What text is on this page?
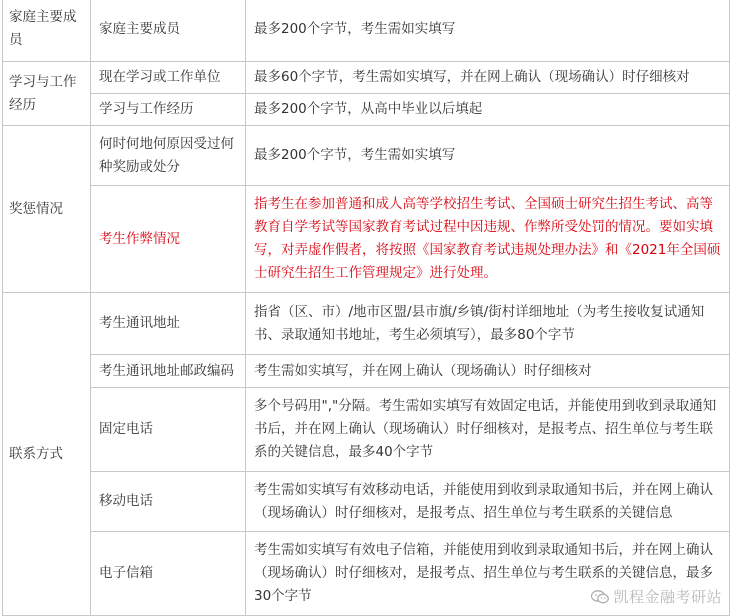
家庭主要成员	家庭主要成员	最多200个字节，考生需如实填写
学习与工作经历	现在学习或工作单位	最多60个字节，考生需如实填写，并在网上确认（现场确认）时仔细核对
	学习与工作经历	最多200个字节，从高中毕业以后填起
奖惩情况	何时何地何原因受过何种奖励或处分	最多200个字节，考生需如实填写
	考生作弊情况	指考生在参加普通和成人高等学校招生考试、全国硕士研究生招生考试、高等教育自学考试等国家教育考试过程中因违规、作弊所受处罚的情况。要如实填写，对弄虚作假者，将按照《国家教育考试违规处理办法》和《2021年全国硕士研究生招生工作管理规定》进行处理。
联系方式	考生通讯地址	指省（区、市）/地市区盟/县市旗/乡镇/街村详细地址（为考生接收复试通知书、录取通知书地址，考生必须填写），最多80个字节
	考生通讯地址邮政编码	考生需如实填写，并在网上确认（现场确认）时仔细核对
	固定电话	多个号码用","分隔。考生需如实填写有效固定电话，并能使用到收到录取通知书后，并在网上确认（现场确认）时仔细核对，是报考点、招生单位与考生联系的关键信息，最多40个字节
	移动电话	考生需如实填写有效移动电话，并能使用到收到录取通知书后，并在网上确认（现场确认）时仔细核对，是报考点、招生单位与考生联系的关键信息
	电子信箱	考生需如实填写有效电子信箱，并能使用到收到录取通知书后，并在网上确认（现场确认）时仔细核对，是报考点、招生单位与考生联系的关键信息，最多30个字节	凯程金融考研站
